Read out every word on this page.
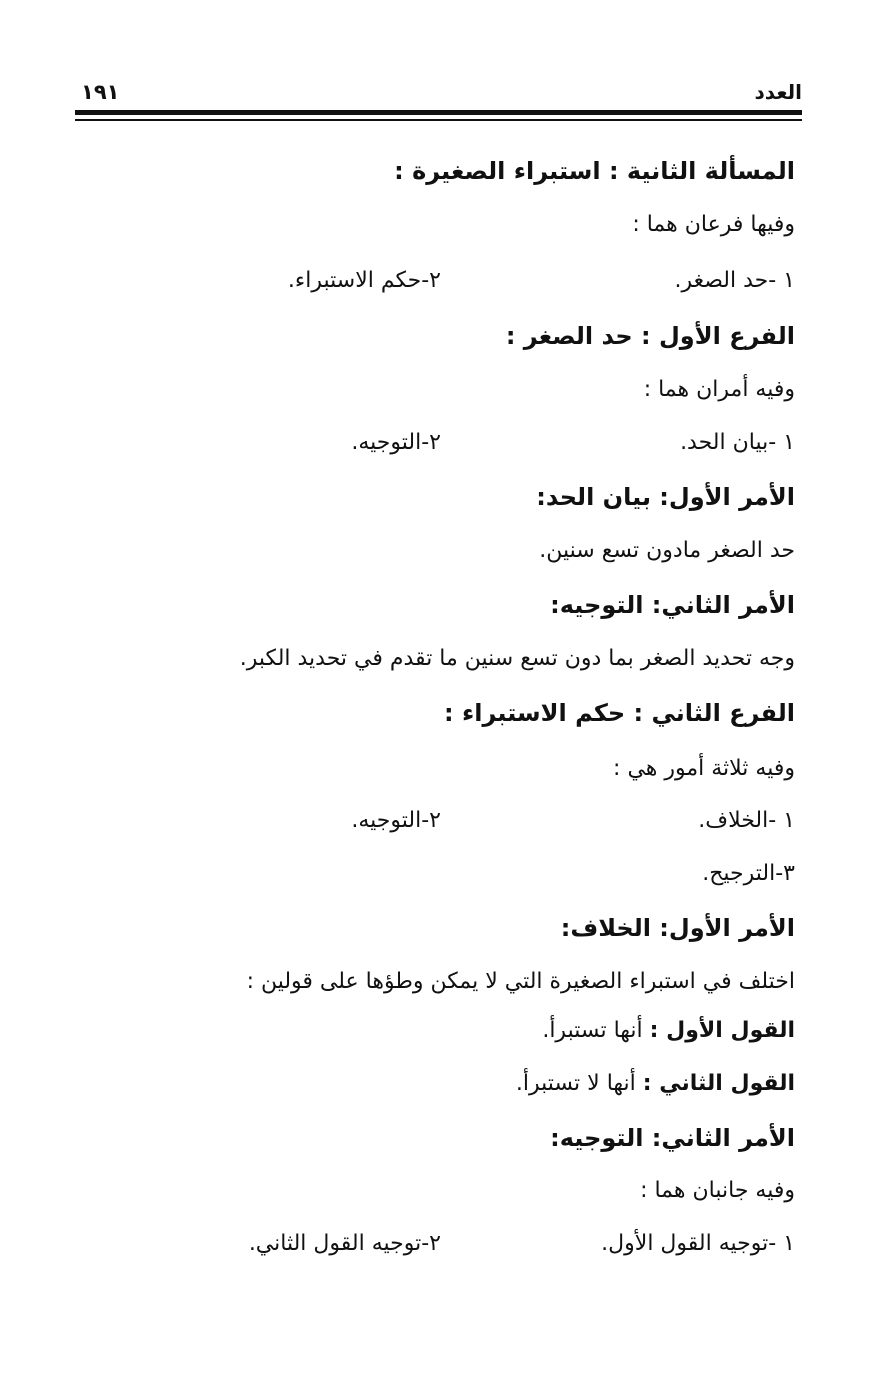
العدد
١٩١
المسألة الثانية : استبراء الصغيرة :
وفيها فرعان هما :
١ -حد الصغر.
٢-حكم الاستبراء.
الفرع الأول : حد الصغر :
وفيه أمران هما :
١ -بيان الحد.
٢-التوجيه.
الأمر الأول: بيان الحد:
حد الصغر مادون تسع سنين.
الأمر الثاني: التوجيه:
وجه تحديد الصغر بما دون تسع سنين ما تقدم في تحديد الكبر.
الفرع الثاني : حكم الاستبراء :
وفيه ثلاثة أمور هي :
١ -الخلاف.
٢-التوجيه.
٣-الترجيح.
الأمر الأول: الخلاف:
اختلف في استبراء الصغيرة التي لا يمكن وطؤها على قولين :
القول الأول : أنها تستبرأ.
القول الثاني : أنها لا تستبرأ.
الأمر الثاني: التوجيه:
وفيه جانبان هما :
١ -توجيه القول الأول.
٢-توجيه القول الثاني.
